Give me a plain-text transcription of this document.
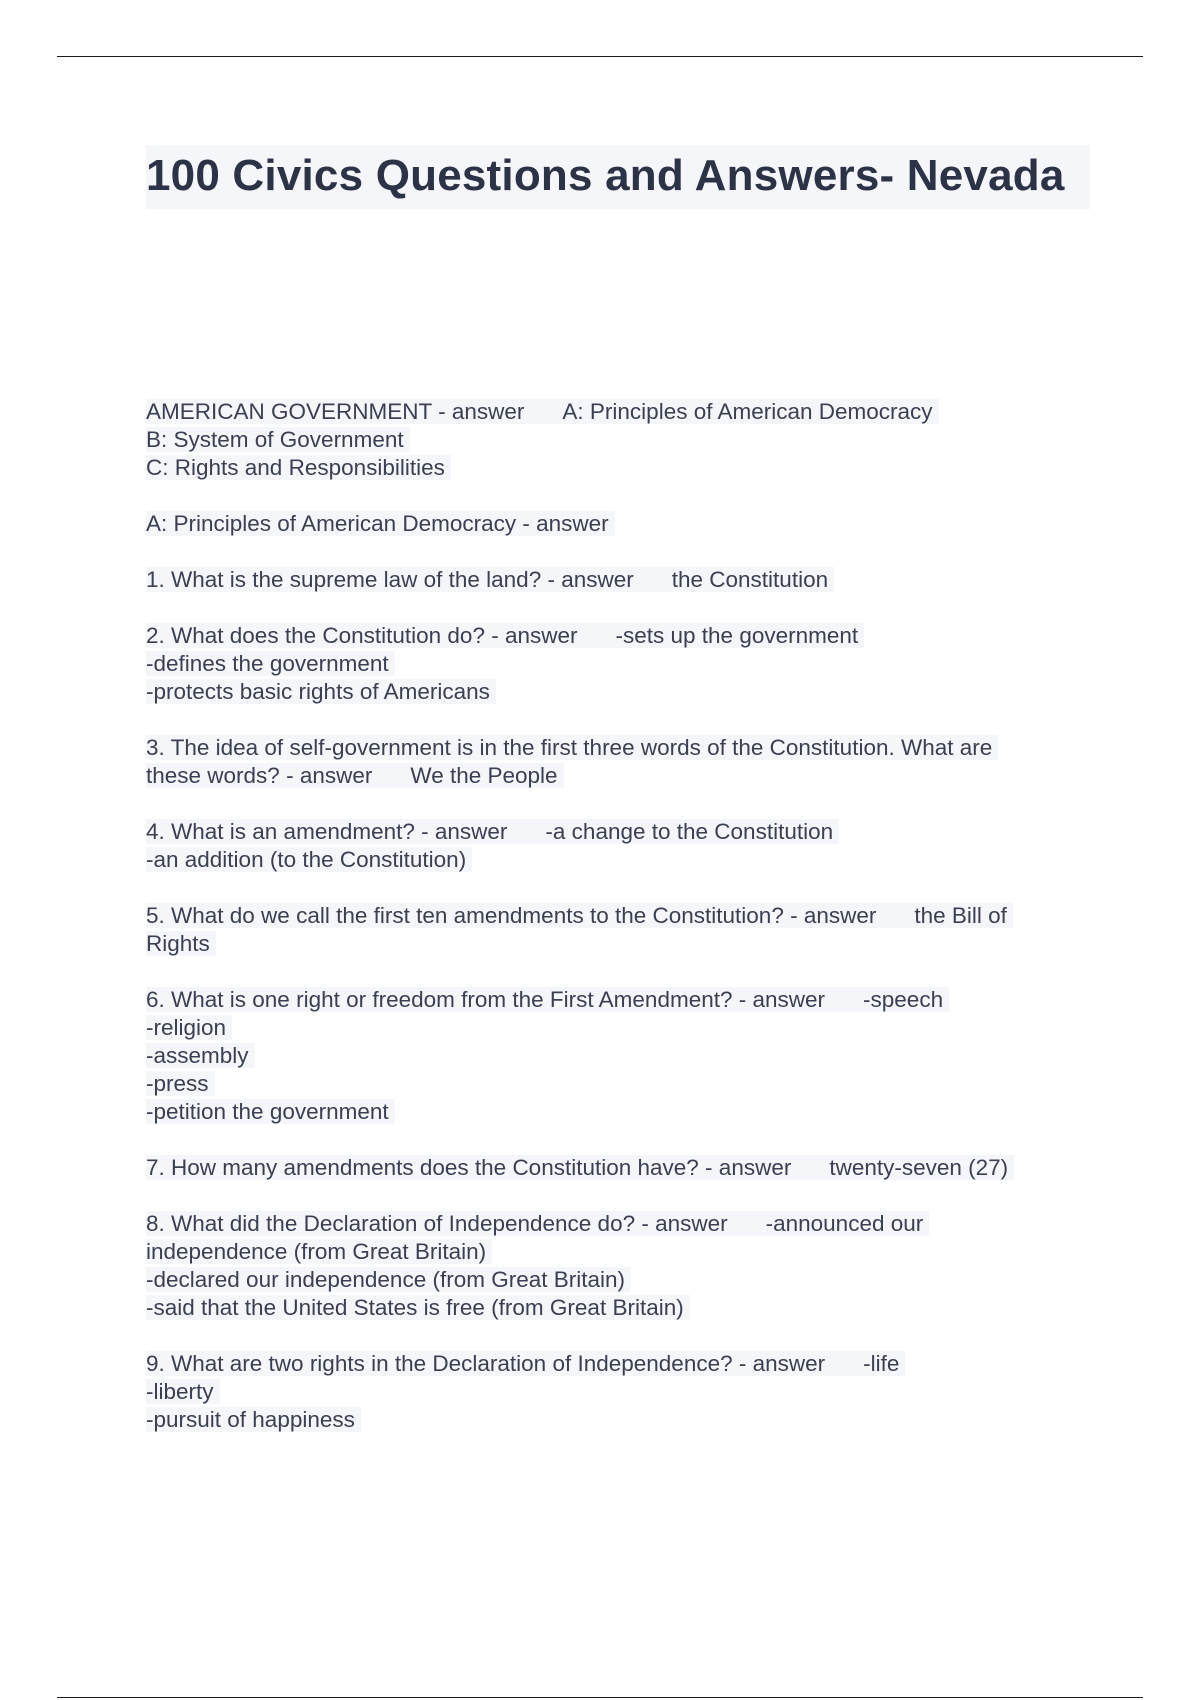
100 Civics Questions and Answers- Nevada
AMERICAN GOVERNMENT - answer A: Principles of American Democracy
B: System of Government
C: Rights and Responsibilities
A: Principles of American Democracy - answer
1. What is the supreme law of the land? - answer the Constitution
2. What does the Constitution do? - answer -sets up the government
-defines the government
-protects basic rights of Americans
3. The idea of self-government is in the first three words of the Constitution. What are
these words? - answer We the People
4. What is an amendment? - answer -a change to the Constitution
-an addition (to the Constitution)
5. What do we call the first ten amendments to the Constitution? - answer the Bill of
Rights
6. What is one right or freedom from the First Amendment? - answer -speech
-religion
-assembly
-press
-petition the government
7. How many amendments does the Constitution have? - answer twenty-seven (27)
8. What did the Declaration of Independence do? - answer -announced our
independence (from Great Britain)
-declared our independence (from Great Britain)
-said that the United States is free (from Great Britain)
9. What are two rights in the Declaration of Independence? - answer -life
-liberty
-pursuit of happiness
